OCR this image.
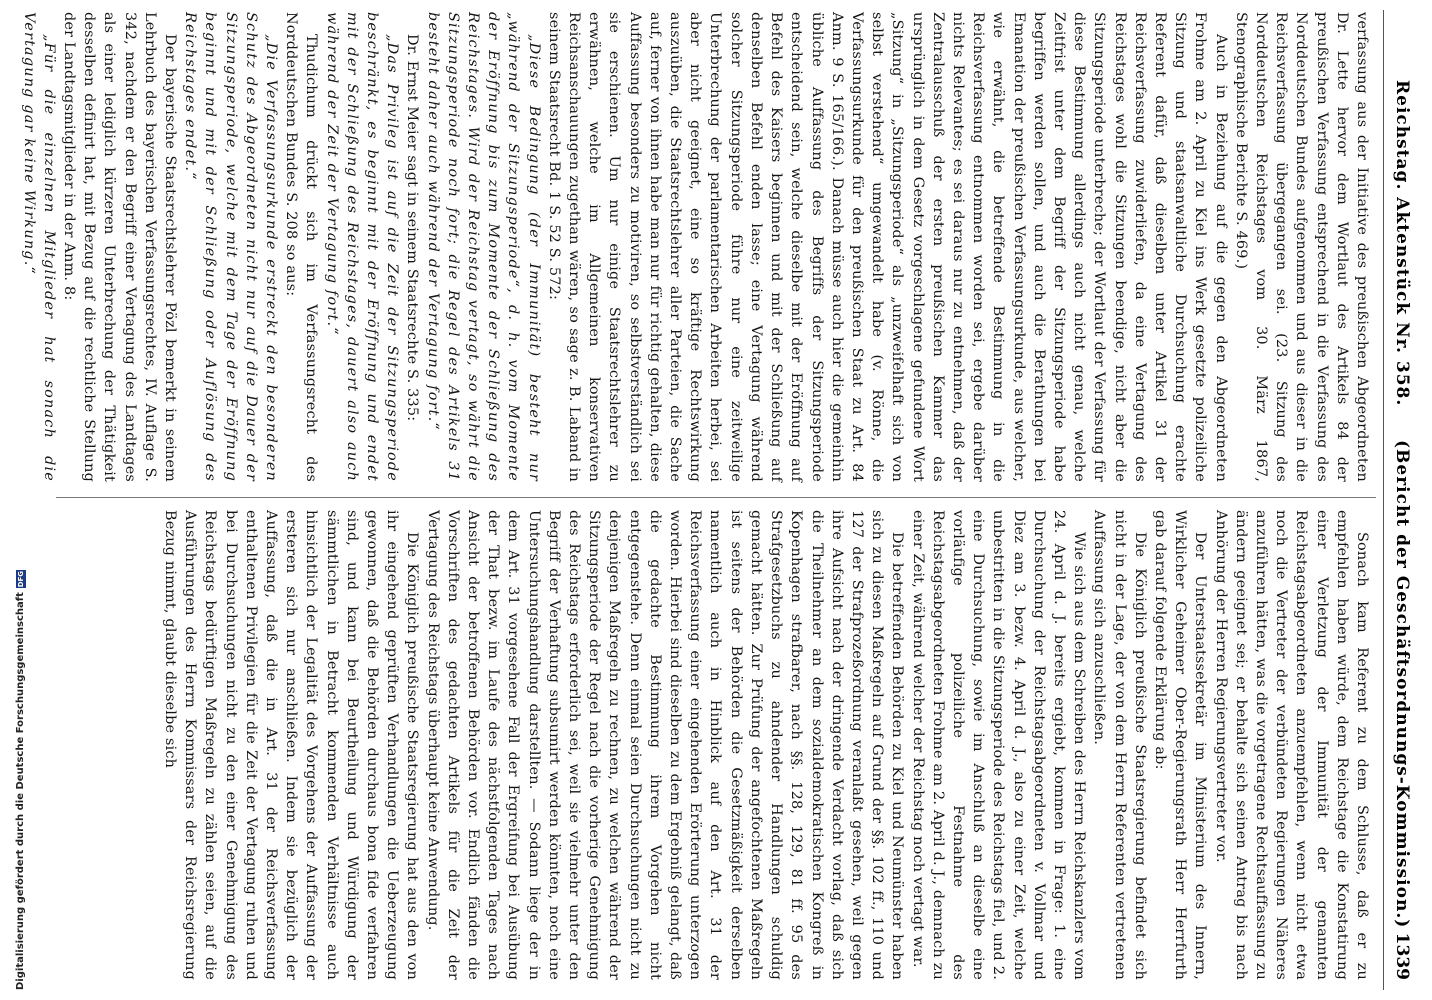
Digitalisierung gefördert durch die Deutsche Forschungsgemeinschaft
DFG
Reichstag. Aktenstück Nr. 358.
(Bericht der Geschäftsordnungs-Kommission.)
1339

verfassung aus der Initiative des preußischen Abgeordneten Dr. Lette hervor dem Wortlaut des Artikels 84 der preußischen Verfassung entsprechend in die Verfassung des Norddeutschen Bundes aufgenommen und aus dieser in die Reichsverfassung übergegangen sei. (23. Sitzung des Norddeutschen Reichstages vom 30. März 1867, Stenographische Berichte S. 469.)

Auch in Beziehung auf die gegen den Abgeordneten Frohme am 2. April zu Kiel ins Werk gesetzte polizeiliche Sitzung und staatsanwaltliche Durchsuchung erachte Referent dafür, daß dieselben unter Artikel 31 der Reichsverfassung zuwiderliefen, da eine Vertagung des Reichstages wohl die Sitzungen beendige, nicht aber die Sitzungsperiode unterbreche; der Wortlaut der Verfassung für diese Bestimmung allerdings auch nicht genau, welche Zeitfrist unter dem Begriff der Sitzungsperiode habe begriffen werden sollen, und auch die Berathungen bei Emanation der preußischen Verfassungsurkunde, aus welcher, wie erwähnt, die betreffende Bestimmung in die Reichsverfassung entnommen worden sei, ergebe darüber nichts Relevantes; es sei daraus nur zu entnehmen, daß der Zentralausschuß der ersten preußischen Kammer das ursprünglich in dem Gesetz vorgeschlagene gefundene Wort „Sitzung“ in „Sitzungsperiode“ als „unzweifelhaft sich von selbst verstehend“ umgewandelt habe (v. Rönne, die Verfassungsurkunde für den preußischen Staat zu Art. 84 Anm. 9 S. 165/166.). Danach müsse auch hier die gemeinhin übliche Auffassung des Begriffs der Sitzungsperiode entscheidend sein, welche dieselbe mit der Eröffnung auf Befehl des Kaisers beginnen und mit der Schließung auf denselben Befehl enden lasse; eine Vertagung während solcher Sitzungsperiode führe nur eine zeitweilige Unterbrechung der parlamentarischen Arbeiten herbei, sei aber nicht geeignet, eine so kräftige Rechtswirkung auszuüben, die Staatsrechtslehrer aller Parteien, die Sache auf, ferner von ihnen habe man nur für richtig gehalten, diese Auffassung besonders zu motiviren, so selbstverständlich sei sie erschienen. Um nur einige Staatsrechtslehrer zu erwähnen, welche im Allgemeinen konservativen Reichsanschauungen zugethan wären, so sage z. B. Laband in seinem Staatsrecht Bd. 1 S. 52 S. 572:

„Diese Bedingung (der Immunität) besteht nur „während der Sitzungsperiode“, d. h. vom Momente der Eröffnung bis zum Momente der Schließung des Reichstages. Wird der Reichstag vertagt, so währt die Sitzungsperiode noch fort; die Regel des Artikels 31 besteht daher auch während der Vertagung fort.“

Dr. Ernst Meier sagt in seinem Staatsrechte S. 335:

„Das Privileg ist auf die Zeit der Sitzungsperiode beschränkt, es beginnt mit der Eröffnung und endet mit der Schließung des Reichstages, dauert also auch während der Zeit der Vertagung fort.“

Thudichum drückt sich im Verfassungsrecht des Norddeutschen Bundes S. 208 so aus:

„Die Verfassungsurkunde erstreckt den besonderen Schutz des Abgeordneten nicht nur auf die Dauer der Sitzungsperiode, welche mit dem Tage der Eröffnung beginnt und mit der Schließung oder Auflösung des Reichstages endet.“

Der bayerische Staatsrechtslehrer Pözl bemerkt in seinem Lehrbuch des bayerischen Verfassungsrechtes, IV. Auflage S. 342, nachdem er den Begriff einer Vertagung des Landtages als einer lediglich kürzeren Unterbrechung der Thätigkeit desselben definirt hat, mit Bezug auf die rechtliche Stellung der Landtagsmitglieder in der Anm. 8:

„Für die einzelnen Mitglieder hat sonach die Vertagung gar keine Wirkung.“

Sonach kam Referent zu dem Schlusse, daß er zu empfehlen haben würde, dem Reichstage die Konstatirung einer Verletzung der Immunität der genannten Reichstagsabgeordneten anzuempfehlen, wenn nicht etwa noch die Vertreter der verbündeten Regierungen Näheres anzuführen hätten, was die vorgetragene Rechtsauffassung zu ändern geeignet sei; er behalte sich seinen Antrag bis nach Anhörung der Herren Regierungsvertreter vor.

Der Unterstaatssekretär im Ministerium des Innern, Wirklicher Geheimer Ober-Regierungsrath Herr Herrfurth gab darauf folgende Erklärung ab:

Die Königlich preußische Staatsregierung befindet sich nicht in der Lage, der von dem Herrn Referenten vertretenen Auffassung sich anzuschließen.

Wie sich aus dem Schreiben des Herrn Reichskanzlers vom 24. April d. J. bereits ergiebt, kommen in Frage: 1. eine Durchsuchung der Reichstagsabgeordneten v. Vollmar und Diez am 3. bezw. 4. April d. J., also zu einer Zeit, welche unbestritten in die Sitzungsperiode des Reichstags fiel, und 2. eine Durchsuchung, sowie im Anschluß an dieselbe eine vorläufige polizeiliche Festnahme des Reichstagsabgeordneten Frohme am 2. April d. J., demnach zu einer Zeit, während welcher der Reichstag noch vertagt war.

Die betreffenden Behörden zu Kiel und Neumünster haben sich zu diesen Maßregeln auf Grund der §§. 102 ff., 110 und 127 der Strafprozeßordnung veranlaßt gesehen, weil gegen ihre Aufsicht nach der dringende Verdacht vorlag, daß sich die Theilnehmer an dem sozialdemokratischen Kongreß in Kopenhagen strafbarer, nach §§. 128, 129, 81 ff. 95 des Strafgesetzbuchs zu ahndender Handlungen schuldig gemacht hätten. Zur Prüfung der angefochtenen Maßregeln ist seitens der Behörden die Gesetzmäßigkeit derselben namentlich auch in Hinblick auf den Art. 31 der Reichsverfassung einer eingehenden Erörterung unterzogen worden. Hierbei sind dieselben zu dem Ergebniß gelangt, daß die gedachte Bestimmung ihrem Vorgehen nicht entgegenstehe. Denn einmal seien Durchsuchungen nicht zu denjenigen Maßregeln zu rechnen, zu welchen während der Sitzungsperiode der Regel nach die vorherige Genehmigung des Reichstags erforderlich sei, weil sie vielmehr unter den Begriff der Verhaftung subsumirt werden könnten, noch eine Untersuchungshandlung darstellten. — Sodann liege der in dem Art. 31 vorgesehene Fall der Ergreifung bei Ausübung der That bezw. im Laufe des nächstfolgenden Tages nach Ansicht der betroffenen Behörden vor. Endlich fänden die Vorschriften des gedachten Artikels für die Zeit der Vertagung des Reichstags überhaupt keine Anwendung.

Die Königlich preußische Staatsregierung hat aus den von ihr eingehend geprüften Verhandlungen die Ueberzeugung gewonnen, daß die Behörden durchaus bona fide verfahren sind, und kann bei Beurtheilung und Würdigung der sämmtlichen in Betracht kommenden Verhältnisse auch hinsichtlich der Legalität des Vorgehens der Auffassung der ersteren sich nur anschließen. Indem sie bezüglich der Auffassung, daß die in Art. 31 der Reichsverfassung enthaltenen Privilegien für die Zeit der Vertagung ruhen und bei Durchsuchungen nicht zu den einer Genehmigung des Reichstags bedürftigen Maßregeln zu zählen seien, auf die Ausführungen des Herrn Kommissars der Reichsregierung Bezug nimmt, glaubt dieselbe sich
